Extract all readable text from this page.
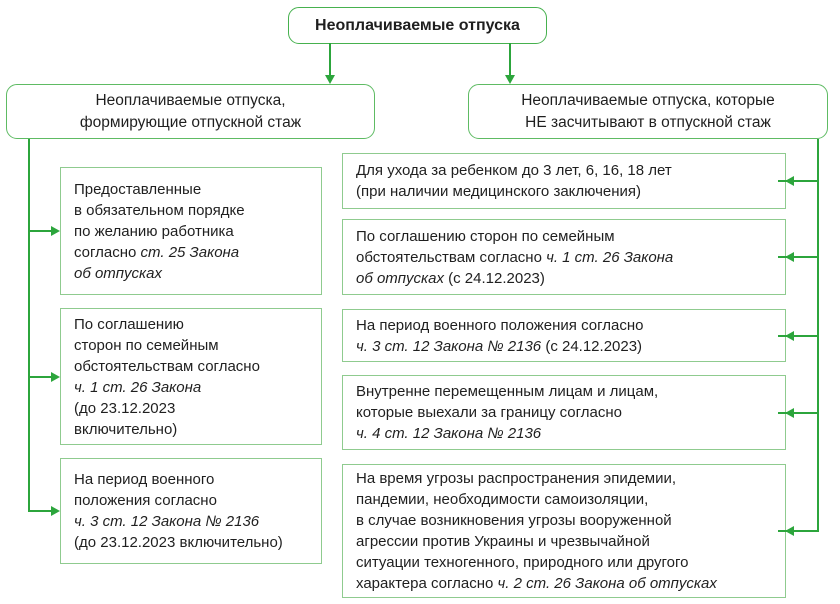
Неоплачиваемые отпуска
Неоплачиваемые отпуска,
формирующие отпускной стаж
Неоплачиваемые отпуска, которые
НЕ засчитывают в отпускной стаж
Предоставленные
в обязательном порядке
по желанию работника
согласно ст. 25 Закона
об отпусках
По соглашению
сторон по семейным
обстоятельствам согласно
ч. 1 ст. 26 Закона
(до 23.12.2023
включительно)
На период военного
положения согласно
ч. 3 ст. 12 Закона № 2136
(до 23.12.2023 включительно)
Для ухода за ребенком до 3 лет, 6, 16, 18 лет
(при наличии медицинского заключения)
По соглашению сторон по семейным
обстоятельствам согласно ч. 1 ст. 26 Закона
об отпусках (с 24.12.2023)
На период военного положения согласно
ч. 3 ст. 12 Закона № 2136 (с 24.12.2023)
Внутренне перемещенным лицам и лицам,
которые выехали за границу согласно
ч. 4 ст. 12 Закона № 2136
На время угрозы распространения эпидемии,
пандемии, необходимости самоизоляции,
в случае возникновения угрозы вооруженной
агрессии против Украины и чрезвычайной
ситуации техногенного, природного или другого
характера согласно ч. 2 ст. 26 Закона об отпусках
